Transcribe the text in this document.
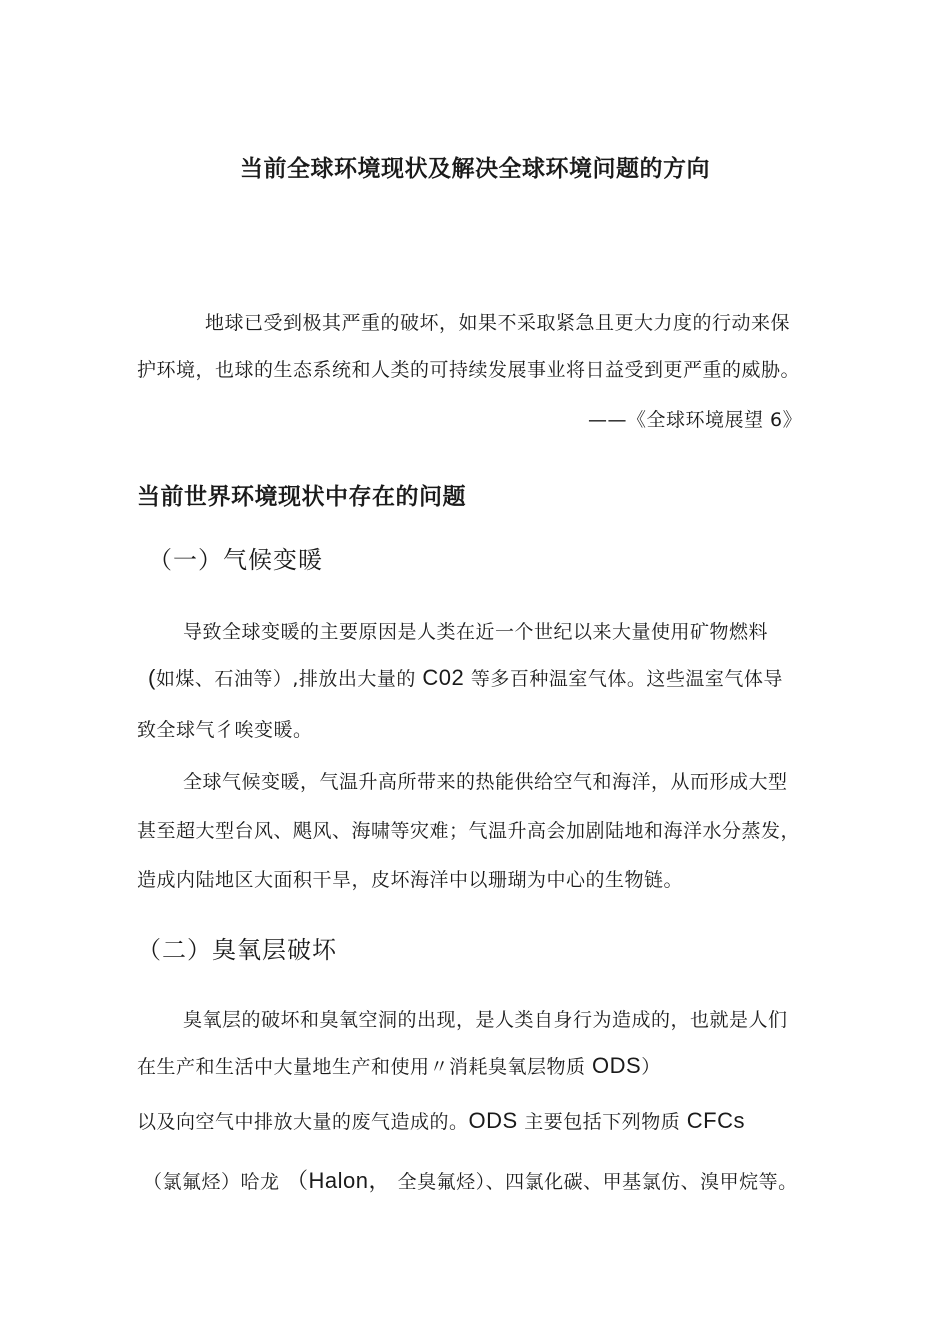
当前全球环境现状及解决全球环境问题的方向
地球已受到极其严重的破坏，如果不采取紧急且更大力度的行动来保
护环境，也球的生态系统和人类的可持续发展事业将日益受到更严重的威胁。
——《全球环境展望 6》
当前世界环境现状中存在的问题
（一）气候变暖
导致全球变暖的主要原因是人类在近一个世纪以来大量使用矿物燃料
(如煤、石油等）,排放出大量的 C02 等多百种温室气体。这些温室气体导
致全球气彳唉变暖。
全球气候变暖，气温升高所带来的热能供给空气和海洋，从而形成大型
甚至超大型台风、飓风、海啸等灾难；气温升高会加剧陆地和海洋水分蒸发，
造成内陆地区大面积干旱，皮坏海洋中以珊瑚为中心的生物链。
（二）臭氧层破坏
臭氧层的破坏和臭氧空洞的出现，是人类自身行为造成的，也就是人们
在生产和生活中大量地生产和使用〃消耗臭氧层物质 ODS）
以及向空气中排放大量的废气造成的。ODS 主要包括下列物质 CFCs
（氯氟烃）哈龙 （Halon， 全臭氟烃）、四氯化碳、甲基氯仿、溴甲烷等。
